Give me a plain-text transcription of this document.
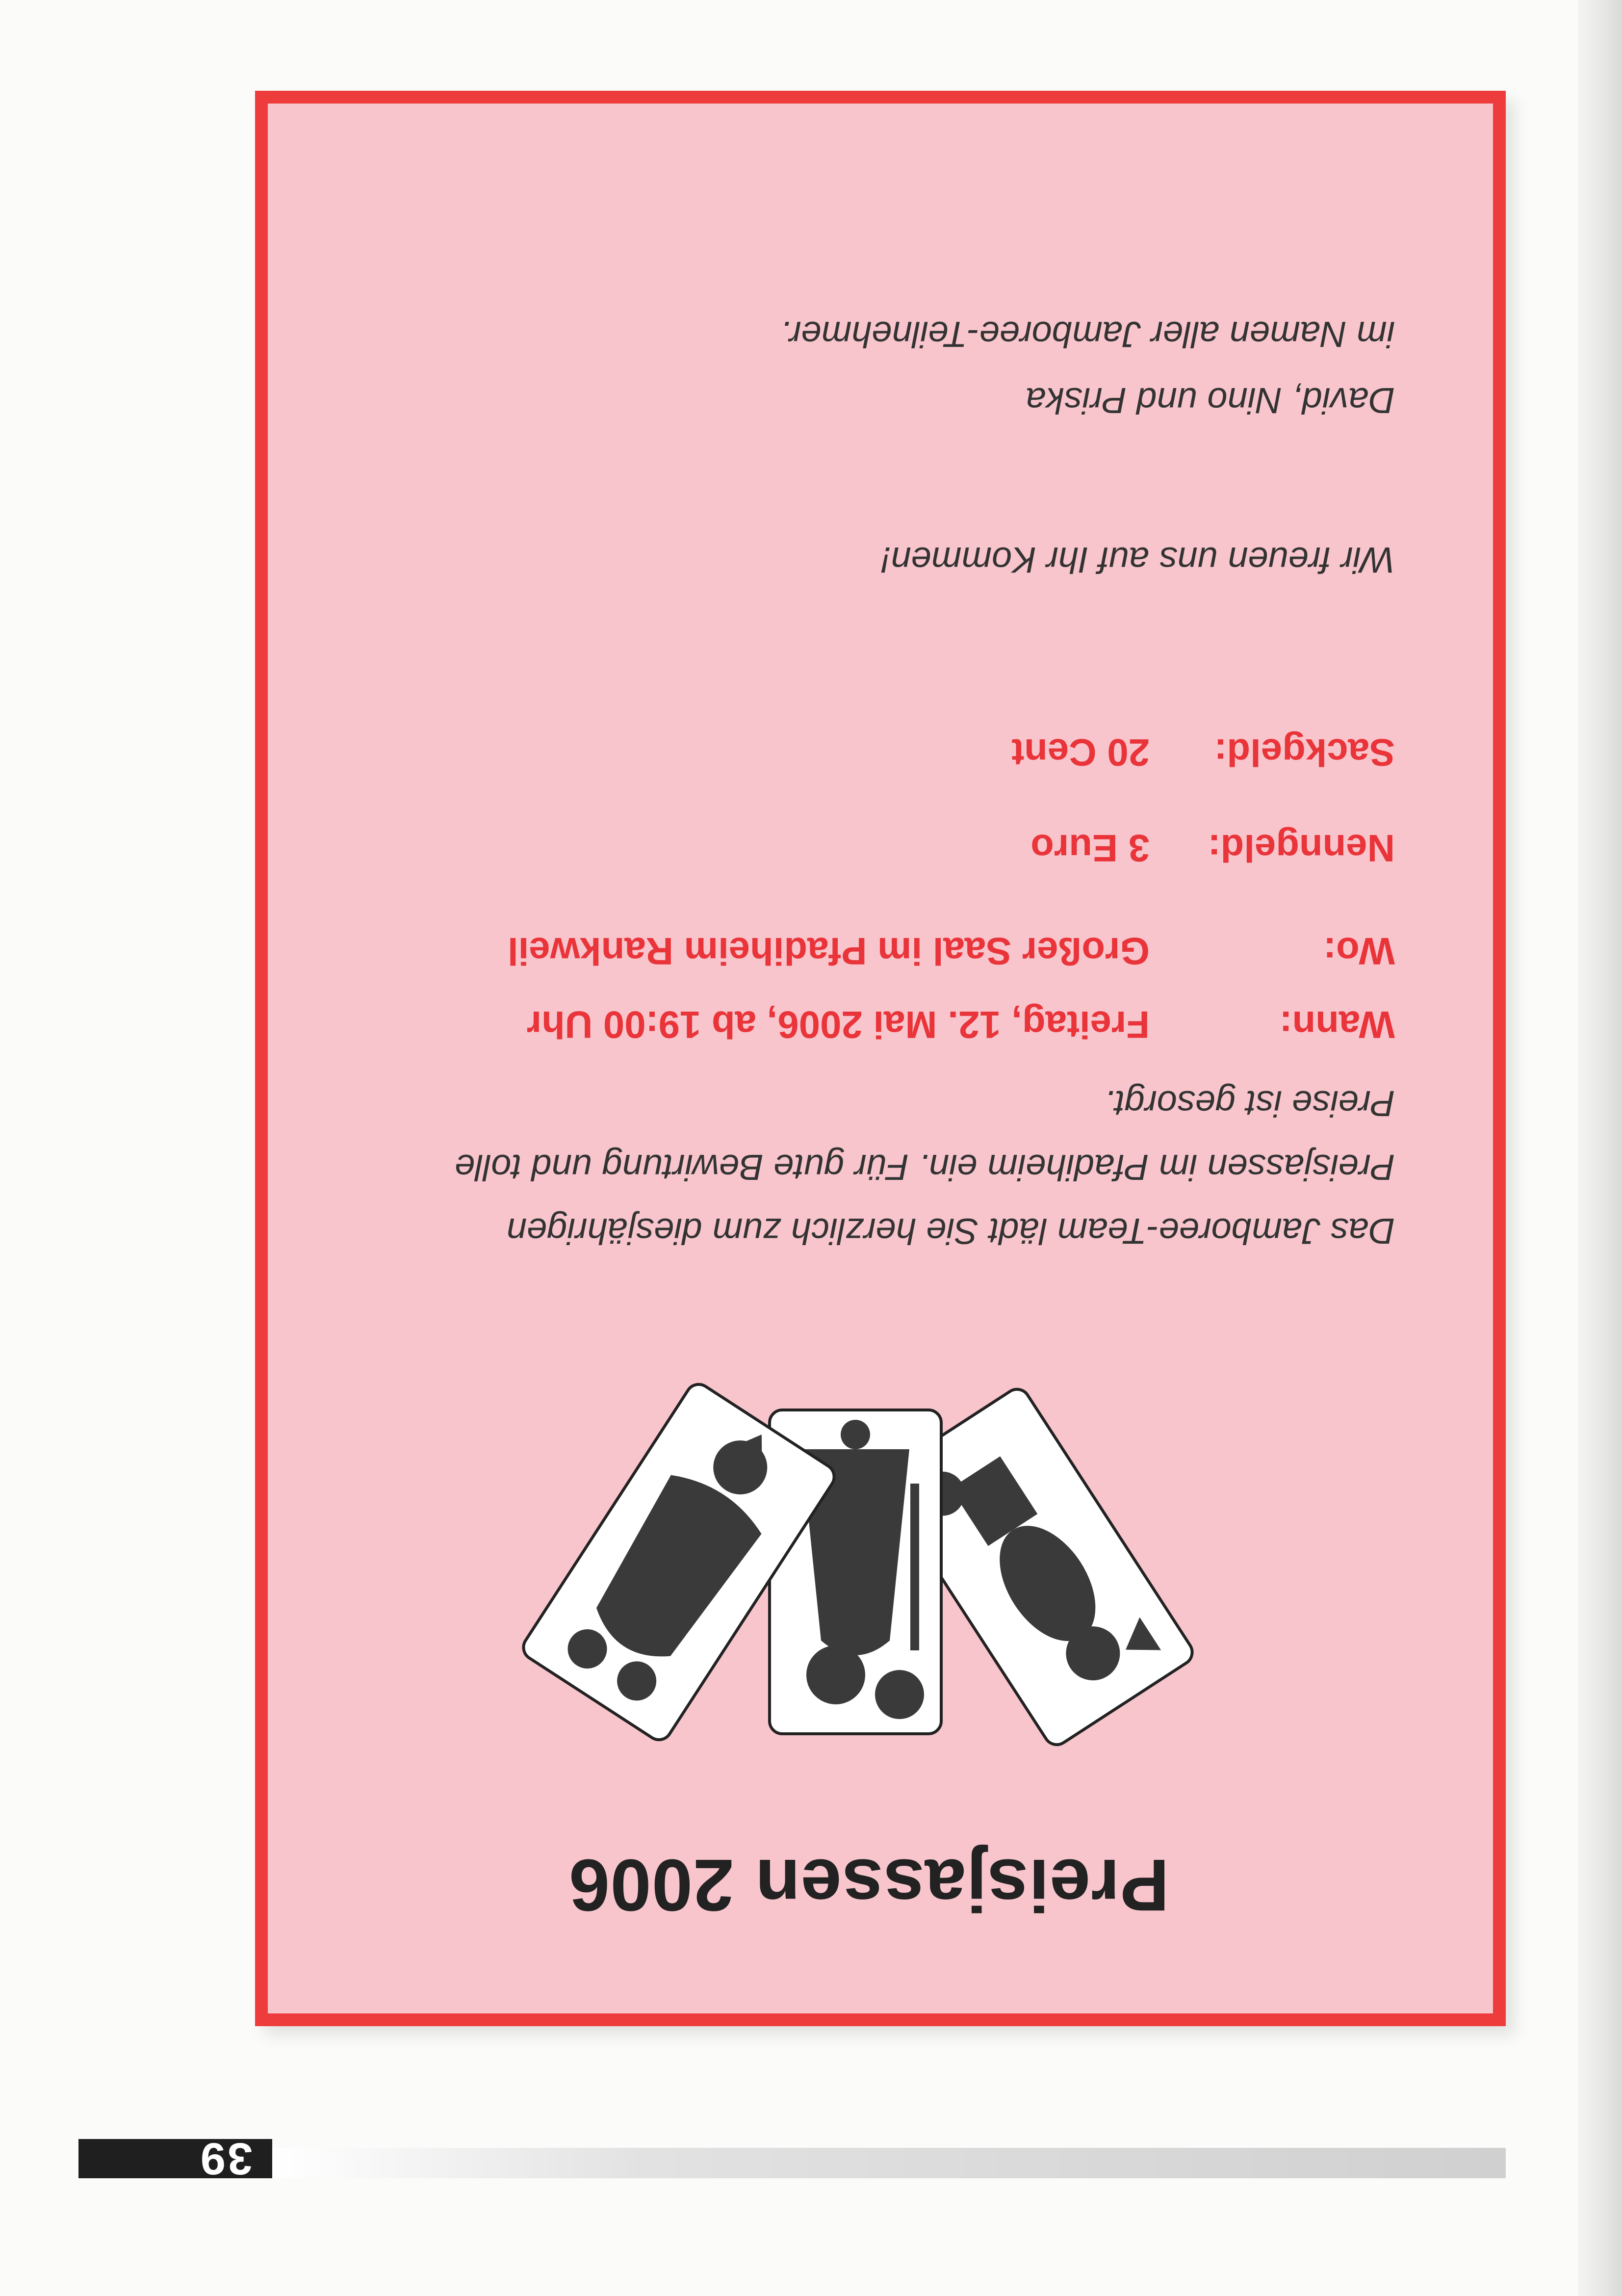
Preisjassen 2006
Das Jamboree-Team lädt Sie herzlich zum diesjährigen Preisjassen im Pfadiheim ein. Für gute Bewirtung und tolle Preise ist gesorgt.
Wann:
Freitag, 12. Mai 2006, ab 19:00 Uhr
Wo:
Großer Saal im Pfadiheim Rankweil
Nenngeld:
3 Euro
Sackgeld:
20 Cent
Wir freuen uns auf Ihr Kommen!
David, Nino und Priska
im Namen aller Jamboree-Teilnehmer.
39
